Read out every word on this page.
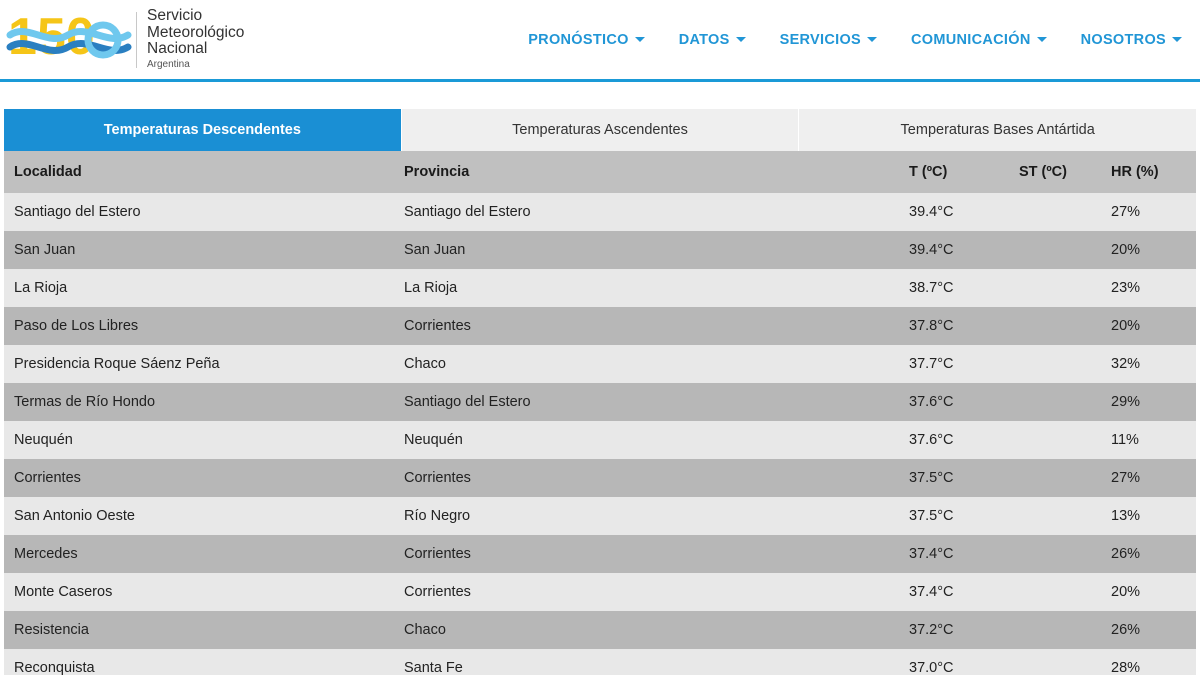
150	Servicio
Meteorológico
Nacional
Argentina
PRONÓSTICO	DATOS	SERVICIOS	COMUNICACIÓN	NOSOTROS
Temperaturas Descendentes	Temperaturas Ascendentes	Temperaturas Bases Antártida
Localidad	Provincia	T (ºC)	ST (ºC)	HR (%)
Santiago del Estero	Santiago del Estero	39.4°C		27%
San Juan	San Juan	39.4°C		20%
La Rioja	La Rioja	38.7°C		23%
Paso de Los Libres	Corrientes	37.8°C		20%
Presidencia Roque Sáenz Peña	Chaco	37.7°C		32%
Termas de Río Hondo	Santiago del Estero	37.6°C		29%
Neuquén	Neuquén	37.6°C		11%
Corrientes	Corrientes	37.5°C		27%
San Antonio Oeste	Río Negro	37.5°C		13%
Mercedes	Corrientes	37.4°C		26%
Monte Caseros	Corrientes	37.4°C		20%
Resistencia	Chaco	37.2°C		26%
Reconquista	Santa Fe	37.0°C		28%
